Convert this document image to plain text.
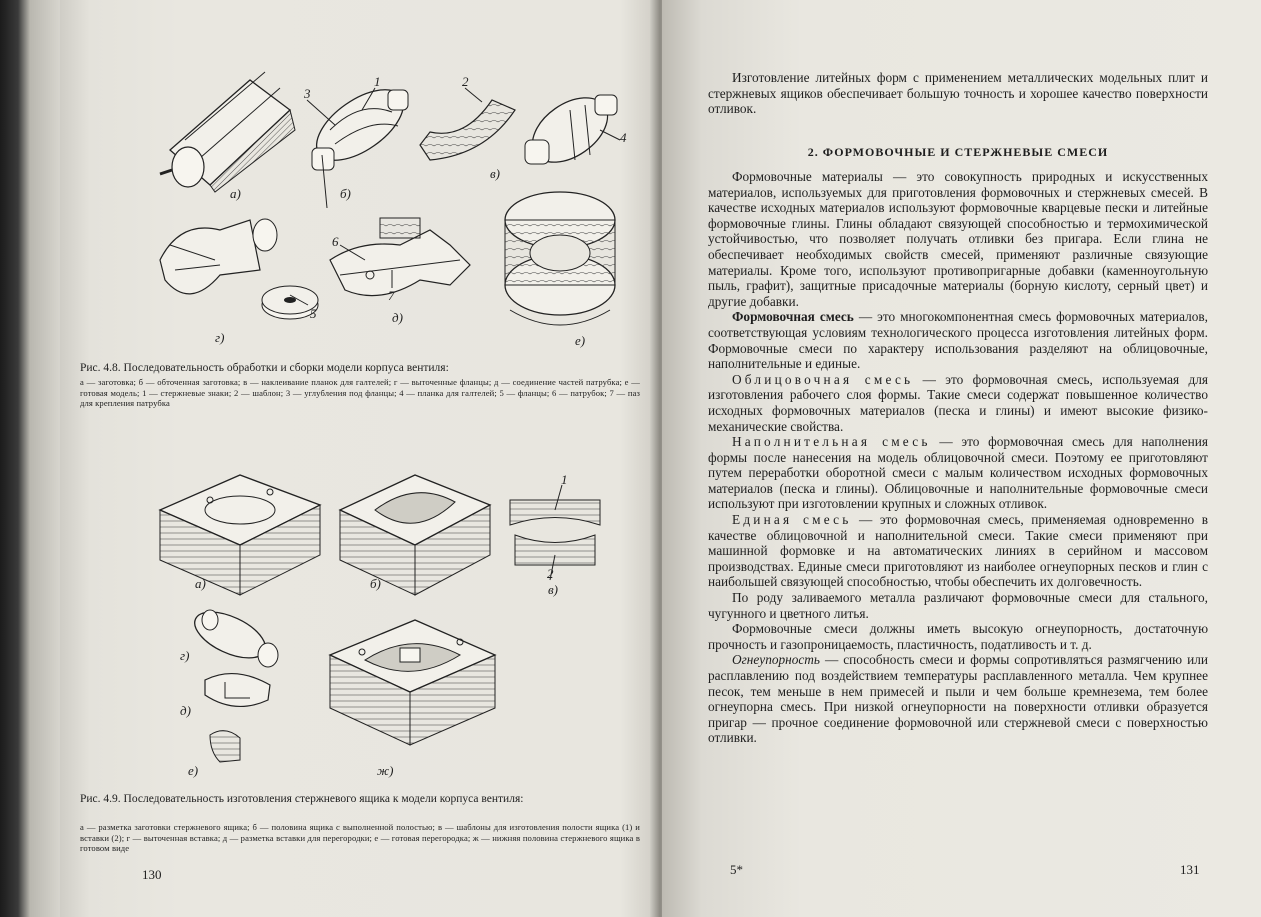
1	2
3
4
5
6
7
а)	б)
в)
г)
д)
е)
Рис. 4.8. Последовательность обработки и сборки модели корпуса вентиля:
а — заготовка; б — обточенная заготовка; в — наклеивание планок для галтелей; г — выточенные фланцы; д — соединение частей патрубка; е — готовая модель; 1 — стержневые знаки; 2 — шаблон; 3 — углубления под фланцы; 4 — планка для галтелей; 5 — фланцы; 6 — патрубок; 7 — паз для крепления патрубка
1
2
а)	б)	в)
г)
д)
е)	ж)
Рис. 4.9. Последовательность изготовления стержневого ящика к модели корпуса вентиля:
а — разметка заготовки стержневого ящика; б — половина ящика с выполненной полостью; в — шаблоны для изготовления полости ящика (1) и вставки (2); г — выточенная вставка; д — разметка вставки для перегородки; е — готовая перегородка; ж — нижняя половина стержневого ящика в готовом виде
130

Изготовление литейных форм с применением металлических модельных плит и стержневых ящиков обеспечивает большую точность и хорошее качество поверхности отливок.

2. ФОРМОВОЧНЫЕ И СТЕРЖНЕВЫЕ СМЕСИ

Формовочные материалы — это совокупность природных и искусственных материалов, используемых для приготовления формовочных и стержневых смесей. В качестве исходных материалов используют формовочные кварцевые пески и литейные формовочные глины. Глины обладают связующей способностью и термохимической устойчивостью, что позволяет получать отливки без пригара. Если глина не обеспечивает необходимых свойств смесей, применяют различные связующие материалы. Кроме того, используют противопригарные добавки (каменноугольную пыль, графит), защитные присадочные материалы (борную кислоту, серный цвет) и другие добавки.

Формовочная смесь — это многокомпонентная смесь формовочных материалов, соответствующая условиям технологического процесса изготовления литейных форм. Формовочные смеси по характеру использования разделяют на облицовочные, наполнительные и единые.

Облицовочная смесь — это формовочная смесь, используемая для изготовления рабочего слоя формы. Такие смеси содержат повышенное количество исходных формовочных материалов (песка и глины) и имеют высокие физико-механические свойства.

Наполнительная смесь — это формовочная смесь для наполнения формы после нанесения на модель облицовочной смеси. Поэтому ее приготовляют путем переработки оборотной смеси с малым количеством исходных формовочных материалов (песка и глины). Облицовочные и наполнительные формовочные смеси используют при изготовлении крупных и сложных отливок.

Единая смесь — это формовочная смесь, применяемая одновременно в качестве облицовочной и наполнительной смеси. Такие смеси применяют при машинной формовке и на автоматических линиях в серийном и массовом производствах. Единые смеси приготовляют из наиболее огнеупорных песков и глин с наибольшей связующей способностью, чтобы обеспечить их долговечность.

По роду заливаемого металла различают формовочные смеси для стального, чугунного и цветного литья.

Формовочные смеси должны иметь высокую огнеупорность, достаточную прочность и газопроницаемость, пластичность, податливость и т. д.

Огнеупорность — способность смеси и формы сопротивляться размягчению или расплавлению под воздействием температуры расплавленного металла. Чем крупнее песок, тем меньше в нем примесей и пыли и чем больше кремнезема, тем более огнеупорна смесь. При низкой огнеупорности на поверхности отливки образуется пригар — прочное соединение формовочной или стержневой смеси с поверхностью отливки.

5*	131
